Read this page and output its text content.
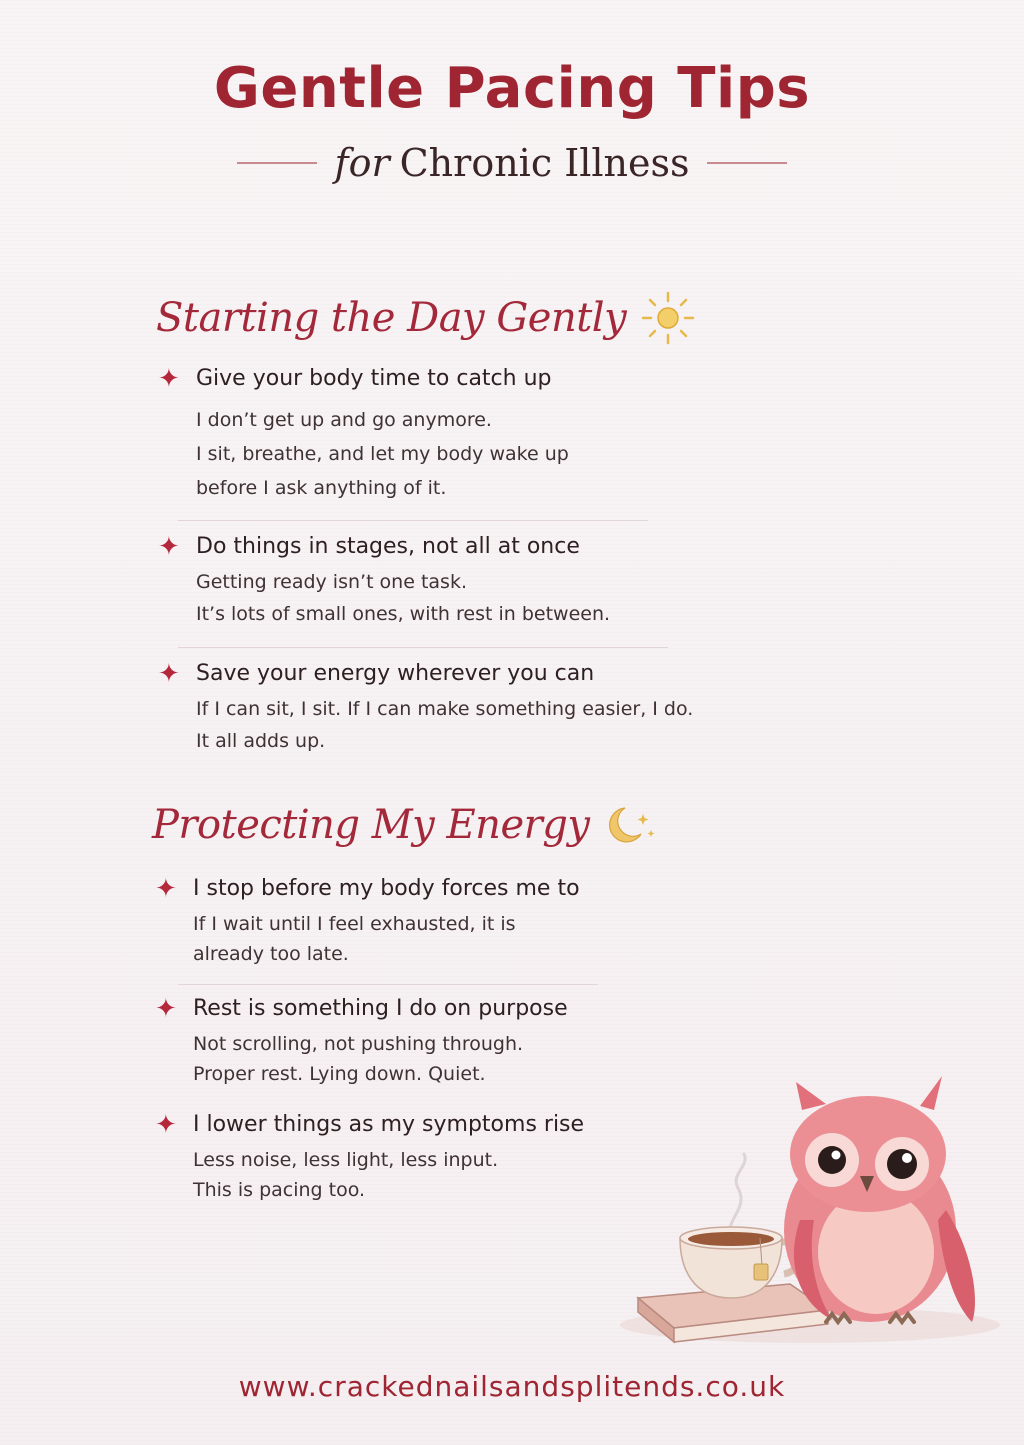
Gentle Pacing Tips
for Chronic Illness
Starting the Day Gently
✦ Give your body time to catch up
I don’t get up and go anymore.
I sit, breathe, and let my body wake up
before I ask anything of it.
✦ Do things in stages, not all at once
Getting ready isn’t one task.
It’s lots of small ones, with rest in between.
✦ Save your energy wherever you can
If I can sit, I sit. If I can make something easier, I do.
It all adds up.
Protecting My Energy
✦ I stop before my body forces me to
If I wait until I feel exhausted, it is
already too late.
✦ Rest is something I do on purpose
Not scrolling, not pushing through.
Proper rest. Lying down. Quiet.
✦ I lower things as my symptoms rise
Less noise, less light, less input.
This is pacing too.
www.crackednailsandsplitends.co.uk
